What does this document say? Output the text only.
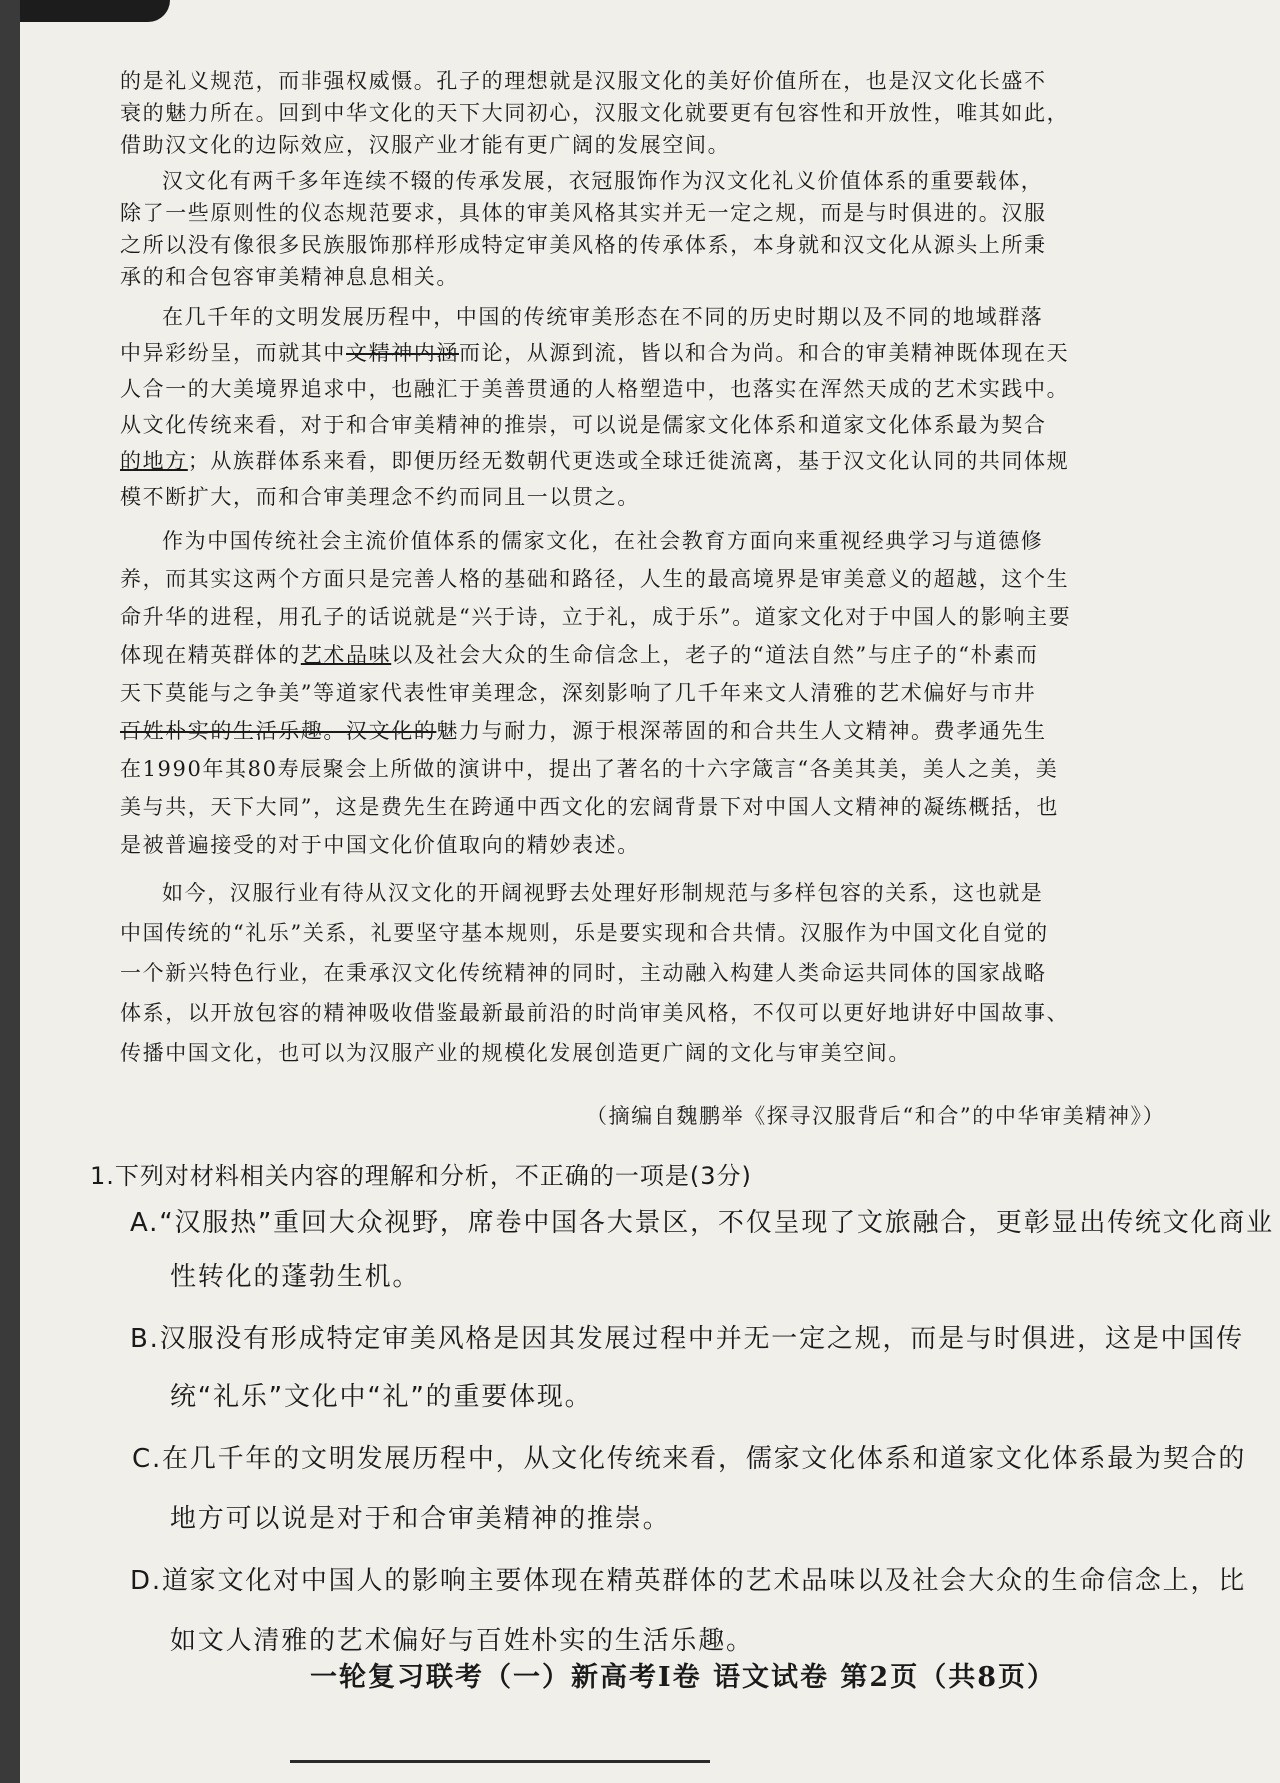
的是礼义规范，而非强权威慑。孔子的理想就是汉服文化的美好价值所在，也是汉文化长盛不
衰的魅力所在。回到中华文化的天下大同初心，汉服文化就要更有包容性和开放性，唯其如此，
借助汉文化的边际效应，汉服产业才能有更广阔的发展空间。
汉文化有两千多年连续不辍的传承发展，衣冠服饰作为汉文化礼义价值体系的重要载体，
除了一些原则性的仪态规范要求，具体的审美风格其实并无一定之规，而是与时俱进的。汉服
之所以没有像很多民族服饰那样形成特定审美风格的传承体系，本身就和汉文化从源头上所秉
承的和合包容审美精神息息相关。
在几千年的文明发展历程中，中国的传统审美形态在不同的历史时期以及不同的地域群落
中异彩纷呈，而就其中文精神内涵而论，从源到流，皆以和合为尚。和合的审美精神既体现在天
人合一的大美境界追求中，也融汇于美善贯通的人格塑造中，也落实在浑然天成的艺术实践中。
从文化传统来看，对于和合审美精神的推崇，可以说是儒家文化体系和道家文化体系最为契合
的地方；从族群体系来看，即便历经无数朝代更迭或全球迁徙流离，基于汉文化认同的共同体规
模不断扩大，而和合审美理念不约而同且一以贯之。
作为中国传统社会主流价值体系的儒家文化，在社会教育方面向来重视经典学习与道德修
养，而其实这两个方面只是完善人格的基础和路径，人生的最高境界是审美意义的超越，这个生
命升华的进程，用孔子的话说就是“兴于诗，立于礼，成于乐”。道家文化对于中国人的影响主要
体现在精英群体的艺术品味以及社会大众的生命信念上，老子的“道法自然”与庄子的“朴素而
天下莫能与之争美”等道家代表性审美理念，深刻影响了几千年来文人清雅的艺术偏好与市井
百姓朴实的生活乐趣。汉文化的魅力与耐力，源于根深蒂固的和合共生人文精神。费孝通先生
在1990年其80寿辰聚会上所做的演讲中，提出了著名的十六字箴言“各美其美，美人之美，美
美与共，天下大同”，这是费先生在跨通中西文化的宏阔背景下对中国人文精神的凝练概括，也
是被普遍接受的对于中国文化价值取向的精妙表述。
如今，汉服行业有待从汉文化的开阔视野去处理好形制规范与多样包容的关系，这也就是
中国传统的“礼乐”关系，礼要坚守基本规则，乐是要实现和合共情。汉服作为中国文化自觉的
一个新兴特色行业，在秉承汉文化传统精神的同时，主动融入构建人类命运共同体的国家战略
体系，以开放包容的精神吸收借鉴最新最前沿的时尚审美风格，不仅可以更好地讲好中国故事、
传播中国文化，也可以为汉服产业的规模化发展创造更广阔的文化与审美空间。
（摘编自魏鹏举《探寻汉服背后“和合”的中华审美精神》）
1.下列对材料相关内容的理解和分析，不正确的一项是(3分)
A.“汉服热”重回大众视野，席卷中国各大景区，不仅呈现了文旅融合，更彰显出传统文化商业
性转化的蓬勃生机。
B.汉服没有形成特定审美风格是因其发展过程中并无一定之规，而是与时俱进，这是中国传
统“礼乐”文化中“礼”的重要体现。
C.在几千年的文明发展历程中，从文化传统来看，儒家文化体系和道家文化体系最为契合的
地方可以说是对于和合审美精神的推崇。
D.道家文化对中国人的影响主要体现在精英群体的艺术品味以及社会大众的生命信念上，比
如文人清雅的艺术偏好与百姓朴实的生活乐趣。
一轮复习联考（一）新高考Ⅰ卷 语文试卷 第2页（共8页）
